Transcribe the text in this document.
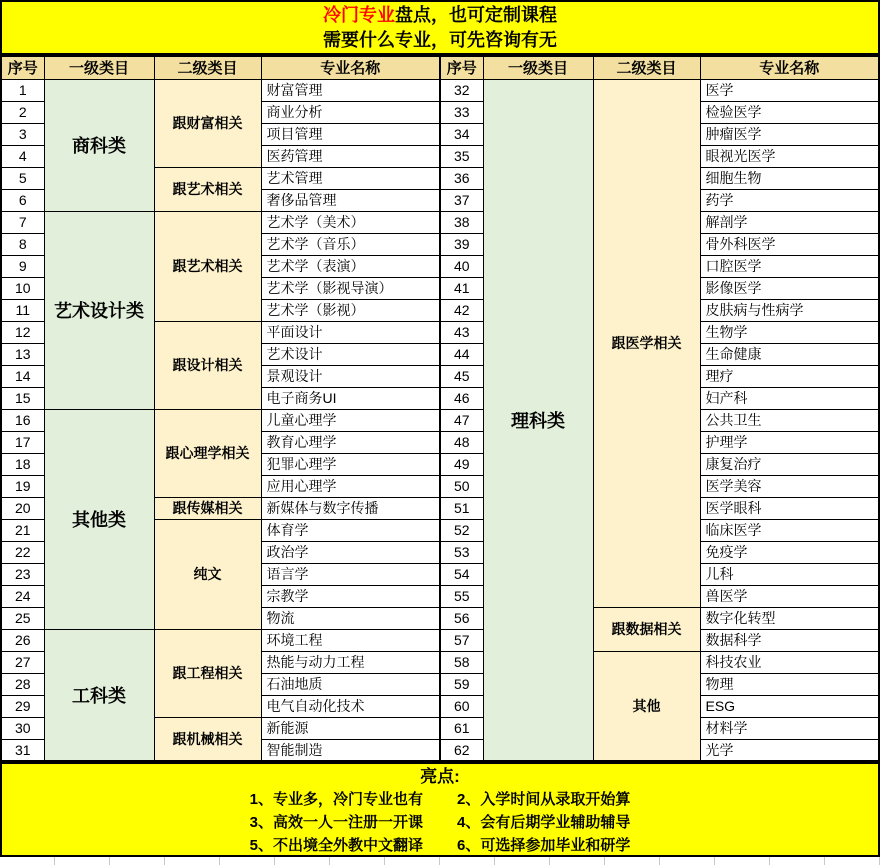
冷门专业盘点，也可定制课程
需要什么专业，可先咨询有无
序号	一级类目	二级类目	专业名称
1	商科类	跟财富相关	财富管理
2			商业分析
3			项目管理
4			医药管理
5		跟艺术相关	艺术管理
6			奢侈品管理
7	艺术设计类	跟艺术相关	艺术学（美术）
8			艺术学（音乐）
9			艺术学（表演）
10			艺术学（影视导演）
11			艺术学（影视）
12		跟设计相关	平面设计
13			艺术设计
14			景观设计
15			电子商务UI
16	其他类	跟心理学相关	儿童心理学
17			教育心理学
18			犯罪心理学
19			应用心理学
20		跟传媒相关	新媒体与数字传播
21		纯文	体育学
22			政治学
23			语言学
24			宗教学
25			物流
26	工科类	跟工程相关	环境工程
27			热能与动力工程
28			石油地质
29			电气自动化技术
30		跟机械相关	新能源
31			智能制造
序号	一级类目	二级类目	专业名称
32	理科类	跟医学相关	医学
33			检验医学
34			肿瘤医学
35			眼视光医学
36			细胞生物
37			药学
38			解剖学
39			骨外科医学
40			口腔医学
41			影像医学
42			皮肤病与性病学
43			生物学
44			生命健康
45			理疗
46			妇产科
47			公共卫生
48			护理学
49			康复治疗
50			医学美容
51			医学眼科
52			临床医学
53			免疫学
54			儿科
55			兽医学
56		跟数据相关	数字化转型
57			数据科学
58		其他	科技农业
59			物理
60			ESG
61			材料学
62			光学
亮点:
1、专业多，冷门专业也有 2、入学时间从录取开始算
3、高效一人一注册一开课 4、会有后期学业辅助辅导
5、不出境全外教中文翻译 6、可选择参加毕业和研学
